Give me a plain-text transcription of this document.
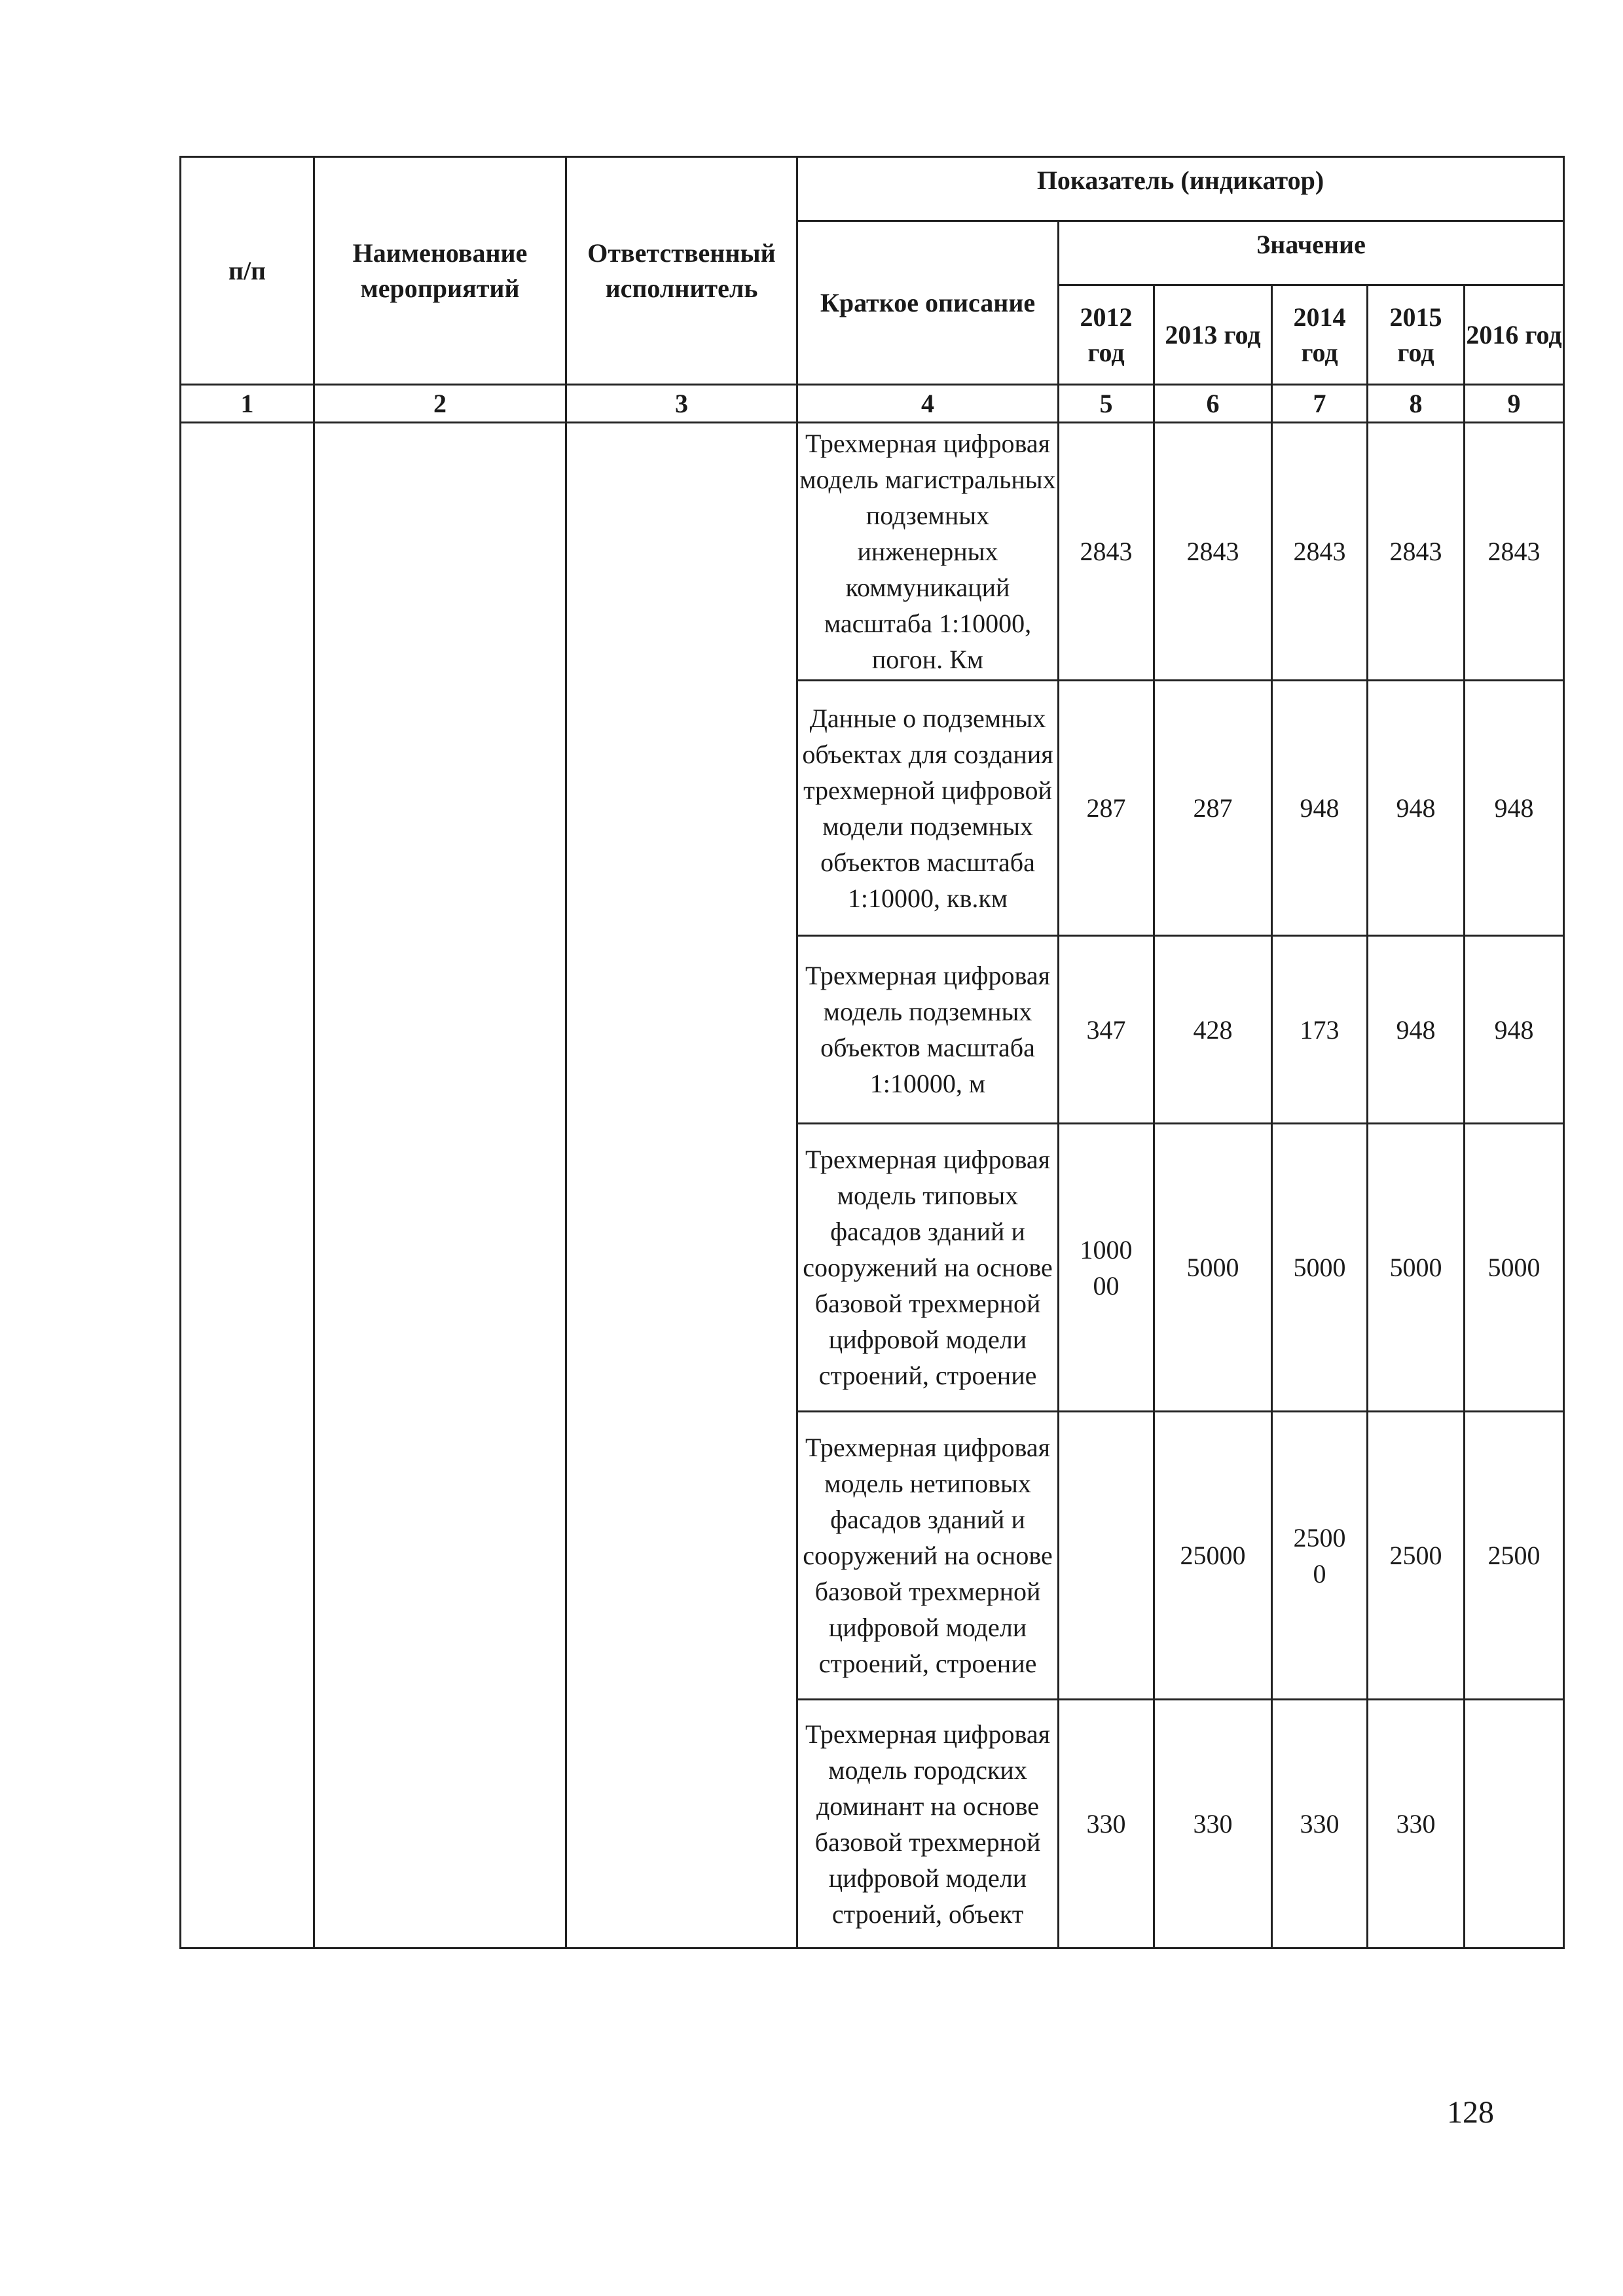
п/п	Наименование мероприятий	Ответственный исполнитель	Показатель (индикатор)					
			Краткое описание	Значение				
				2012 год	2013 год	2014 год	2015 год	2016 год
1	2	3	4	5	6	7	8	9
			Трехмерная цифровая модель магистральных подземных инженерных коммуникаций масштаба 1:10000, погон. Км	2843	2843	2843	2843	2843
			Данные о подземных объектах для создания трехмерной цифровой модели подземных объектов масштаба 1:10000, кв.км	287	287	948	948	948
			Трехмерная цифровая модель подземных объектов масштаба 1:10000, м	347	428	173	948	948
			Трехмерная цифровая модель типовых фасадов зданий и сооружений на основе базовой трехмерной цифровой модели строений, строение	100000	5000	5000	5000	5000
			Трехмерная цифровая модель нетиповых фасадов зданий и сооружений на основе базовой трехмерной цифровой модели строений, строение		25000	25000	2500	2500
			Трехмерная цифровая модель городских доминант на основе базовой трехмерной цифровой модели строений, объект	330	330	330	330	
128
